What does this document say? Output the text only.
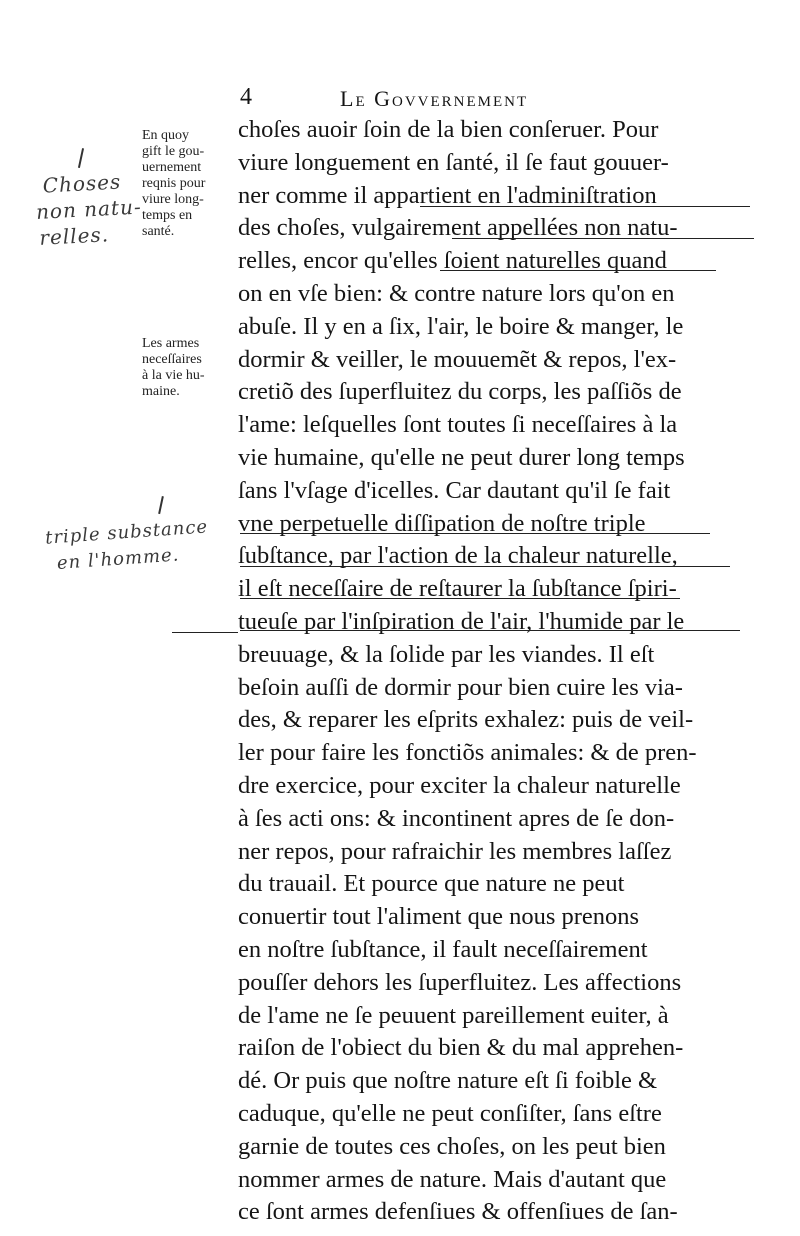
4	Le Govvernement
En quoy
gift le gou-
uernement
reqnis pour
viure long-
temps en
santé.
Les armes
neceſſaires
à la vie hu-
maine.
Choses
non natu-
relles.
triple substance
en l'homme.
choſes auoir ſoin de la bien conſeruer. Pour
viure longuement en ſanté, il ſe faut gouuer-
ner comme il appartient en l'adminiſtration
des choſes, vulgairement appellées non natu-
relles, encor qu'elles ſoient naturelles quand
on en vſe bien: & contre nature lors qu'on en
abuſe. Il y en a ſix, l'air, le boire & manger, le
dormir & veiller, le mouuemẽt & repos, l'ex-
cretiõ des ſuperfluitez du corps, les paſſiõs de
l'ame: leſquelles ſont toutes ſi neceſſaires à la
vie humaine, qu'elle ne peut durer long temps
ſans l'vſage d'icelles. Car dautant qu'il ſe fait
vne perpetuelle diſſipation de noſtre triple
ſubſtance, par l'action de la chaleur naturelle,
il eſt neceſſaire de reſtaurer la ſubſtance ſpiri-
tueuſe par l'inſpiration de l'air, l'humide par le
breuuage, & la ſolide par les viandes. Il eſt
beſoin auſſi de dormir pour bien cuire les via-
des, & reparer les eſprits exhalez: puis de veil-
ler pour faire les fonctiõs animales: & de pren-
dre exercice, pour exciter la chaleur naturelle
à ſes acti ons: & incontinent apres de ſe don-
ner repos, pour rafraichir les membres laſſez
du trauail. Et pource que nature ne peut
conuertir tout l'aliment que nous prenons
en noſtre ſubſtance, il fault neceſſairement
pouſſer dehors les ſuperfluitez. Les affections
de l'ame ne ſe peuuent pareillement euiter, à
raiſon de l'obiect du bien & du mal apprehen-
dé. Or puis que noſtre nature eſt ſi foible &
caduque, qu'elle ne peut conſiſter, ſans eſtre
garnie de toutes ces choſes, on les peut bien
nommer armes de nature. Mais d'autant que
ce ſont armes defenſiues & offenſiues de ſan-
